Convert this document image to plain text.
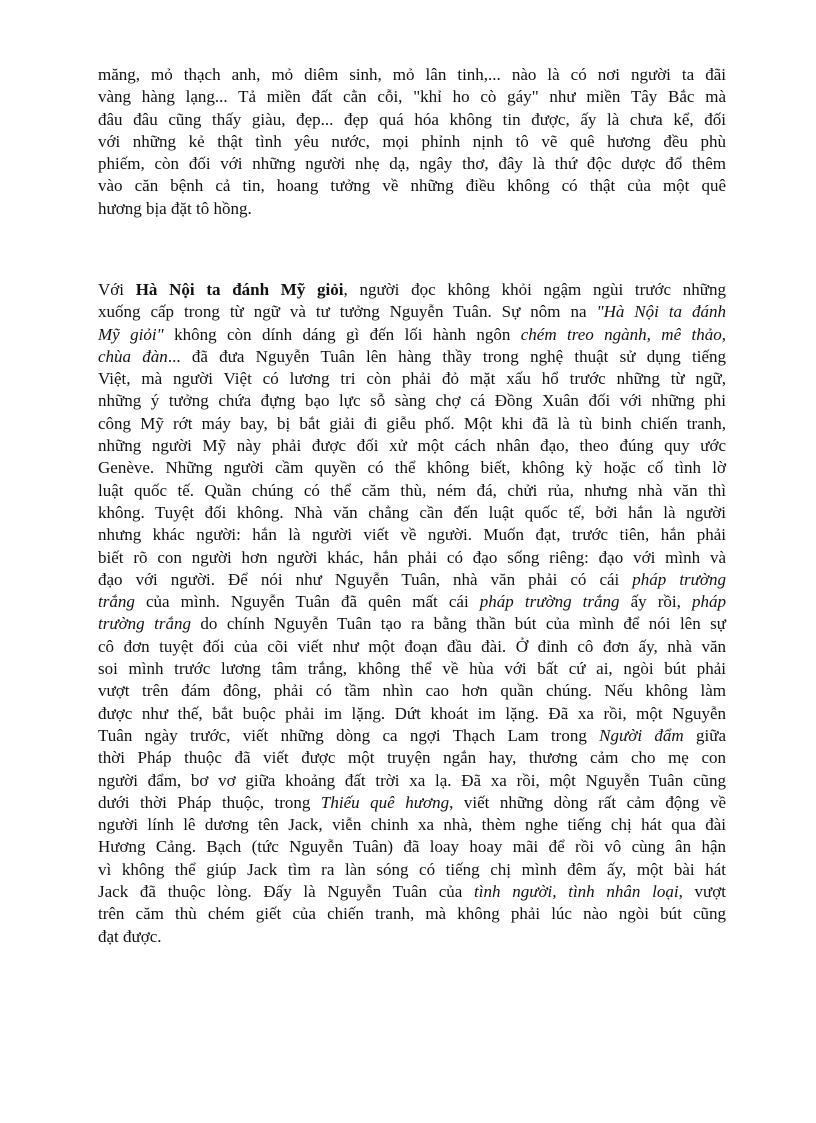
măng, mỏ thạch anh, mỏ diêm sinh, mỏ lân tinh,... nào là có nơi người ta đãi
vàng hàng lạng... Tả miền đất cằn cỗi, "khỉ ho cò gáy" như miền Tây Bắc mà
đâu đâu cũng thấy giàu, đẹp... đẹp quá hóa không tin được, ấy là chưa kể, đối
với những kẻ thật tình yêu nước, mọi phỉnh nịnh tô vẽ quê hương đều phù
phiếm, còn đối với những người nhẹ dạ, ngây thơ, đây là thứ độc dược đổ thêm
vào căn bệnh cả tin, hoang tưởng về những điều không có thật của một quê
hương bịa đặt tô hồng.
Với Hà Nội ta đánh Mỹ giỏi, người đọc không khỏi ngậm ngùi trước những
xuống cấp trong từ ngữ và tư tưởng Nguyễn Tuân. Sự nôm na "Hà Nội ta đánh
Mỹ giỏi" không còn dính dáng gì đến lối hành ngôn chém treo ngành, mê thảo,
chùa đàn... đã đưa Nguyễn Tuân lên hàng thầy trong nghệ thuật sử dụng tiếng
Việt, mà người Việt có lương tri còn phải đỏ mặt xấu hổ trước những từ ngữ,
những ý tưởng chứa đựng bạo lực sỗ sàng chợ cá Đồng Xuân đối với những phi
công Mỹ rớt máy bay, bị bắt giải đi giễu phố. Một khi đã là tù binh chiến tranh,
những người Mỹ này phải được đối xử một cách nhân đạo, theo đúng quy ước
Genève. Những người cầm quyền có thể không biết, không kỳ hoặc cố tình lờ
luật quốc tế. Quần chúng có thể căm thù, ném đá, chửi rủa, nhưng nhà văn thì
không. Tuyệt đối không. Nhà văn chẳng cần đến luật quốc tế, bởi hắn là người
nhưng khác người: hắn là người viết về người. Muốn đạt, trước tiên, hắn phải
biết rõ con người hơn người khác, hắn phải có đạo sống riêng: đạo với mình và
đạo với người. Để nói như Nguyễn Tuân, nhà văn phải có cái pháp trường
trắng của mình. Nguyễn Tuân đã quên mất cái pháp trường trắng ấy rồi, pháp
trường trắng do chính Nguyễn Tuân tạo ra bằng thần bút của mình để nói lên sự
cô đơn tuyệt đối của cõi viết như một đoạn đầu đài. Ở đỉnh cô đơn ấy, nhà văn
soi mình trước lương tâm trắng, không thể về hùa với bất cứ ai, ngòi bút phải
vượt trên đám đông, phải có tầm nhìn cao hơn quần chúng. Nếu không làm
được như thế, bắt buộc phải im lặng. Dứt khoát im lặng. Đã xa rồi, một Nguyễn
Tuân ngày trước, viết những dòng ca ngợi Thạch Lam trong Người đẩm giữa
thời Pháp thuộc đã viết được một truyện ngắn hay, thương cảm cho mẹ con
người đẩm, bơ vơ giữa khoảng đất trời xa lạ. Đã xa rồi, một Nguyễn Tuân cũng
dưới thời Pháp thuộc, trong Thiếu quê hương, viết những dòng rất cảm động về
người lính lê dương tên Jack, viễn chinh xa nhà, thèm nghe tiếng chị hát qua đài
Hương Cảng. Bạch (tức Nguyễn Tuân) đã loay hoay mãi để rồi vô cùng ân hận
vì không thể giúp Jack tìm ra làn sóng có tiếng chị mình đêm ấy, một bài hát
Jack đã thuộc lòng. Đấy là Nguyễn Tuân của tình người, tình nhân loại, vượt
trên căm thù chém giết của chiến tranh, mà không phải lúc nào ngòi bút cũng
đạt được.
